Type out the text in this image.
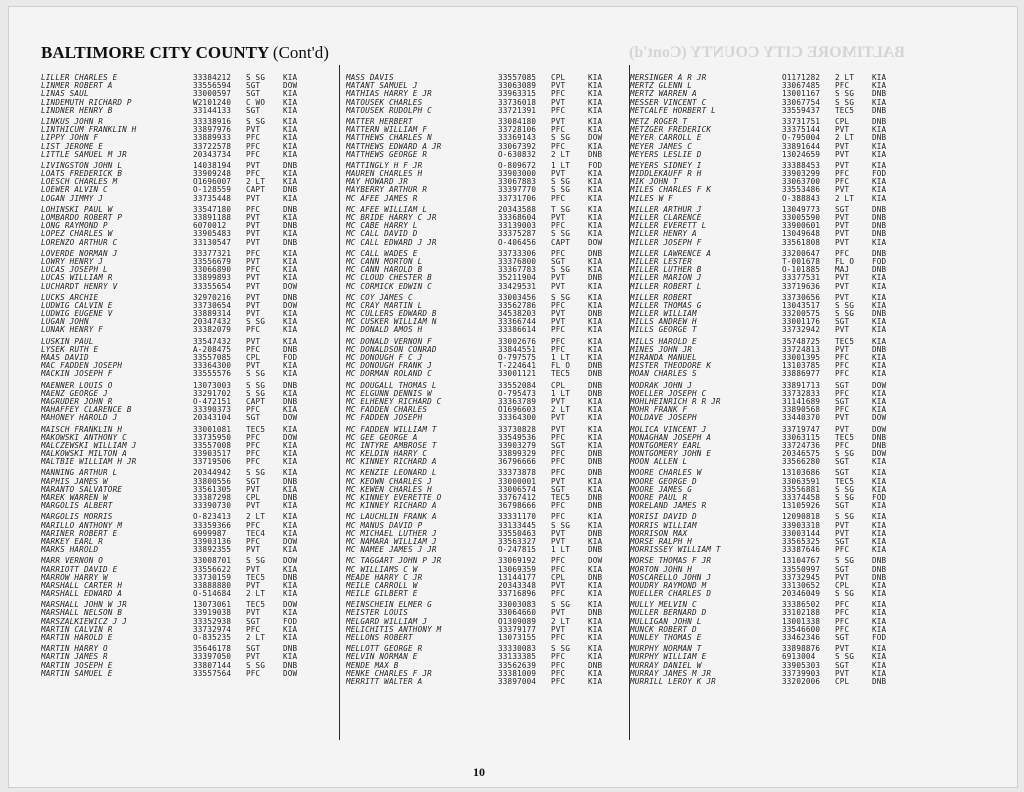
BALTIMORE CITY COUNTY (Cont'd)	BALTIMORE CITY COUNTY (Cont'd)
LILLER CHARLES E	33384212	S SG	KIA
LINMER ROBERT A	33556594	SGT	DOW
LINAS SAUL	33000597	SGT	KIA
LINDEMUTH RICHARD P	W2101240	C WO	KIA
LINDNER HENRY B	33144133	SGT	KIA
LINKUS JOHN R	33338916	S SG	KIA
LINTHICUM FRANKLIN H	33897976	PVT	KIA
LIPPY JOHN F	33889933	PFC	KIA
LIST JEROME E	33722578	PFC	KIA
LITTLE SAMUEL M JR	20343734	PFC	KIA
LIVINGSTON JOHN L	14038194	PVT	DNB
LOATS FREDERICK B	33909248	PFC	KIA
LOESCH CHARLES M	O1696007	2 LT	KIA
LOEWER ALVIN C	O-128559	CAPT	DNB
LOGAN JIMMY J	33735448	PVT	KIA
LOHINSKI PAUL W	33547180	PFC	DNB
LOMBARDO ROBERT P	33891188	PVT	KIA
LONG RAYMOND P	6070012	PVT	DNB
LOPEZ CHARLES W	33905483	PVT	KIA
LORENZO ARTHUR C	33130547	PVT	DNB
LOVERDE NORMAN J	33377321	PFC	KIA
LOWRY HENRY J	33556679	PVT	KIA
LUCAS JOSEPH L	33066890	PFC	KIA
LUCAS WILLIAM R	33899893	PVT	KIA
LUCHARDT HENRY V	33355654	PVT	DOW
LUCKS ARCHIE	32970216	PVT	DNB
LUDWIG CALVIN E	33730654	PVT	DOW
LUDWIG EUGENE V	33889314	PVT	KIA
LUGAN JOHN	20347432	S SG	KIA
LUNAK HENRY F	33382079	PFC	KIA
LUSKIN PAUL	33547432	PVT	KIA
LYSEK RUTH E	A-208475	PFC	DNB
MAAS DAVID	33557085	CPL	FOD
MAC FADDEN JOSEPH	33364300	PVT	KIA
MACKIN JOSEPH F	33555576	S SG	KIA
MAENNER LOUIS O	13073003	S SG	DNB
MAENZ GEORGE J	33291702	S SG	KIA
MAGRUDER JOHN R	O-472151	CAPT	DNB
MAHAFFEY CLARENCE B	33390373	PFC	KIA
MAHONEY HAROLD J	20343104	SGT	DOW
MAISCH FRANKLIN H	33001081	TEC5	KIA
MAKOWSKI ANTHONY C	33735950	PFC	DOW
MALCZEWSKI WILLIAM J	33557008	PFC	KIA
MALKOWSKI MILTON A	33903517	PFC	KIA
MALTBIE WILLIAM H JR	33719506	PFC	KIA
MANNING ARTHUR L	20344942	S SG	KIA
MAPHIS JAMES W	33800556	SGT	DNB
MARANTO SALVATORE	33561305	PVT	KIA
MAREK WARREN W	33387298	CPL	DNB
MARGOLIS ALBERT	33390730	PVT	KIA
MARGOLIS MORRIS	O-823413	2 LT	KIA
MARILLO ANTHONY M	33359366	PFC	KIA
MARINER ROBERT E	6999987	TEC4	KIA
MARKEY EARL R	33903136	PFC	DOW
MARKS HAROLD	33892355	PVT	KIA
MARR VERNON O	33008701	S SG	DOW
MARRIOTT DAVID E	33556622	PVT	KIA
MARROW HARRY W	33730159	TEC5	DNB
MARSHALL CARTER H	33888880	PVT	KIA
MARSHALL EDWARD A	O-514684	2 LT	KIA
MARSHALL JOHN W JR	13073061	TEC5	DOW
MARSHALL NELSON B	33919038	PVT	KIA
MARSZALKIEWICZ J J	33352938	SGT	FOD
MARTIN CALVIN R	33732974	PFC	KIA
MARTIN HAROLD E	O-835235	2 LT	KIA
MARTIN HARRY O	35646178	SGT	DNB
MARTIN JAMES R	33397050	PVT	KIA
MARTIN JOSEPH E	33807144	S SG	DNB
MARTIN SAMUEL E	33557564	PFC	DOW
MASS DAVIS	33557085	CPL	KIA
MATANT SAMUEL J	33063089	PVT	KIA
MATHIAS HARRY E JR	33963315	PFC	KIA
MATOUSEK CHARLES	33736018	PVT	KIA
MATOUSEK RUDOLPH C	33721391	PFC	KIA
MATTER HERBERT	33084180	PVT	KIA
MATTERN WILLIAM F	33728106	PFC	KIA
MATTHEWS CHARLES N	33369143	S SG	DOW
MATTHEWS EDWARD A JR	33067392	PFC	KIA
MATTHEWS GEORGE R	O-630832	2 LT	DNB
MATTINGLY H F JR	O-809672	1 LT	FOD
MAUREN CHARLES H	33903000	PVT	KIA
MAY HOWARD JR	33067883	S SG	KIA
MAYBERRY ARTHUR R	33397770	S SG	KIA
MC AFEE JAMES R	33731706	PFC	KIA
MC AFEE WILLIAM L	20343588	T SG	KIA
MC BRIDE HARRY C JR	33368604	PVT	KIA
MC CABE HARRY L	33139003	PFC	KIA
MC CALL DAVID D	33375287	S SG	KIA
MC CALL EDWARD J JR	O-406456	CAPT	DOW
MC CALL WADES E	33733306	PFC	DNB
MC CANN MORTON L	33376800	SGT	KIA
MC CANN HAROLD B	33367783	S SG	KIA
MC CLOUD CHESTER B	35211904	PVT	DNB
MC CORMICK EDWIN C	33429531	PVT	KIA
MC COY JAMES C	33003456	S SG	KIA
MC CRAY MARTIN L	33562786	PFC	KIA
MC CULLERS EDWARD B	34538203	PVT	DNB
MC CUSKER WILLIAM N	33366744	PVT	KIA
MC DONALD AMOS H	33386614	PFC	KIA
MC DONALD VERNON F	33002676	PFC	KIA
MC DONALDSON CONRAD	33844551	PFC	KIA
MC DONOUGH F C J	O-797575	1 LT	KIA
MC DONOUGH FRANK J	T-224641	FL O	DNB
MC DORMAN ROLAND C	33001121	TEC5	DNB
MC DOUGALL THOMAS L	33552084	CPL	DNB
MC ELGUNN DENNIS W	O-795473	1 LT	DNB
MC ELHENEY RICHARD C	33363789	PVT	KIA
MC FADDEN CHARLES	O1696603	2 LT	KIA
MC FADDEN JOSEPH	33364300	PVT	KIA
MC FADDEN WILLIAM T	33730828	PVT	KIA
MC GEE GEORGE A	33549536	PFC	KIA
MC INTYRE AMBROSE T	33903279	SGT	KIA
MC KELDIN HARRY C	33899329	PFC	DNB
MC KINNEY RICHARD A	36796666	PFC	DNB
MC KENZIE LEONARD L	33373878	PFC	DNB
MC KEOWN CHARLES J	33000001	PVT	KIA
MC KEWEN CHARLES H	33006574	SGT	KIA
MC KINNEY EVERETTE O	33767412	TEC5	DNB
MC KINNEY RICHARD A	36798666	PFC	DNB
MC LAUCHLIN FRANK A	33331170	PFC	KIA
MC MANUS DAVID P	33133445	S SG	KIA
MC MICHAEL LUTHER J	33550463	PVT	DNB
MC NAMARA WILLIAM J	33563327	PVT	KIA
MC NAMEE JAMES J JR	O-247815	1 LT	DNB
MC TAGGART JOHN P JR	33069192	PFC	DOW
MC WILLIAMS C W	13069359	PFC	KIA
MEADE HARRY C JR	13144177	CPL	DNB
MEILE CARROLL W	20343348	PVT	KIA
MEILE GILBERT E	33716896	PFC	KIA
MEINSCHEIN ELMER G	33003083	S SG	KIA
MEISTER LOUIS	33064660	PVT	DNB
MELGARD WILLIAM J	O1309089	2 LT	KIA
MELICHITIS ANTHONY M	33379177	PVT	KIA
MELLONS ROBERT	13073155	PFC	KIA
MELLOTT GEORGE R	33330083	S SG	KIA
MELVIN NORMAN E	33133385	PFC	KIA
MENDE MAX B	33562639	PFC	DNB
MENKE CHARLES F JR	33381009	PFC	KIA
MERRITT WALTER A	33897004	PFC	KIA
MERSINGER A R JR	O1171282	2 LT	KIA
MERTZ GLENN L	33067485	PFC	KIA
MERTZ WARREN A	13001167	S SG	DNB
MESSER VINCENT C	33067754	S SG	KIA
METCALFE HORBERT L	33559437	TEC5	DNB
METZ ROGER T	33731751	CPL	DNB
METZGER FREDERICK	33375144	PVT	KIA
MEYER CARROLL E	O-795004	2 LT	DNB
MEYER JAMES C	33891644	PVT	KIA
MEYERS LESLIE D	13024659	PVT	KIA
MEYERS SIDNEY I	33388453	PVT	KIA
MIDDLEKAUFF R H	33903299	PFC	FOD
MIK JOHN T	33063700	PFC	KIA
MILES CHARLES F K	33553486	PVT	KIA
MILES W F	O-388843	2 LT	KIA
MILLER ARTHUR J	13049773	SGT	DNB
MILLER CLARENCE	33005590	PVT	DNB
MILLER EVERETT L	33900601	PVT	DNB
MILLER HENRY A	13049648	PVT	DNB
MILLER JOSEPH F	33561808	PVT	KIA
MILLER LAWRENCE A	33200647	PFC	DNB
MILLER LESTER	T-001678	FL O	FOD
MILLER LUTHER B	O-101885	MAJ	DNB
MILLER MARION J	33377531	PVT	KIA
MILLER ROBERT L	33719636	PVT	KIA
MILLER ROBERT	33730656	PVT	KIA
MILLER THOMAS G	13043517	S SG	KIA
MILLER WILLIAM	33200575	S SG	DNB
MILLS ANDREW H	33001176	SGT	KIA
MILLS GEORGE T	33732942	PVT	KIA
MILLS HAROLD E	35748725	TEC5	KIA
MINES JOHN JR	33724813	PVT	DNB
MIRANDA MANUEL	33001395	PFC	KIA
MISTER THEODORE K	13103785	PFC	KIA
MOAN CHARLES S	33886977	PFC	KIA
MODRAK JOHN J	33891713	SGT	DOW
MOELLER JOSEPH C	33732833	PFC	KIA
MOHLHEINRICH R R JR	31141689	SGT	KIA
MOHR FRANK F	33890568	PFC	KIA
MOLDAVE JOSEPH	33440370	PVT	DOW
MOLICA VINCENT J	33719747	PVT	DOW
MONAGHAN JOSEPH A	33063115	TEC5	DNB
MONTGOMERY EARL	33724736	PFC	DNB
MONTGOMERY JOHN E	20346575	S SG	DOW
MOON ALLEN L	33566280	SGT	KIA
MOORE CHARLES W	13103686	SGT	KIA
MOORE GEORGE D	33063591	TEC5	KIA
MOORE JAMES G	33556881	S SG	KIA
MOORE PAUL R	33374458	S SG	FOD
MORELAND JAMES R	13105926	SGT	KIA
MORISI DAVID D	12090818	S SG	KIA
MORRIS WILLIAM	33903318	PVT	KIA
MORRISON MAX	33003144	PVT	KIA
MORSE RALPH H	33565325	SGT	KIA
MORRISSEY WILLIAM T	33387646	PFC	KIA
MORSE THOMAS F JR	13104767	S SG	DNB
MORTON JOHN H	33550997	SGT	DNB
MOSCARELLO JOHN J	33732945	PVT	DNB
MOUDRY RAYMOND M	33130652	CPL	KIA
MUELLER CHARLES D	20346049	S SG	KIA
MULLY MELVIN C	33386502	PFC	KIA
MULLER BERNARD D	33102188	PFC	KIA
MULLIGAN JOHN L	13001338	PFC	KIA
MUNCK ROBERT D	33546600	PFC	KIA
MUNLEY THOMAS E	33462346	SGT	FOD
MURPHY NORMAN T	33898876	PVT	KIA
MURPHY WILLIAM E	6913004	S SG	KIA
MURRAY DANIEL W	33905303	SGT	KIA
MURRAY JAMES M JR	33739903	PVT	KIA
MURRILL LEROY K JR	33202006	CPL	DNB
10
